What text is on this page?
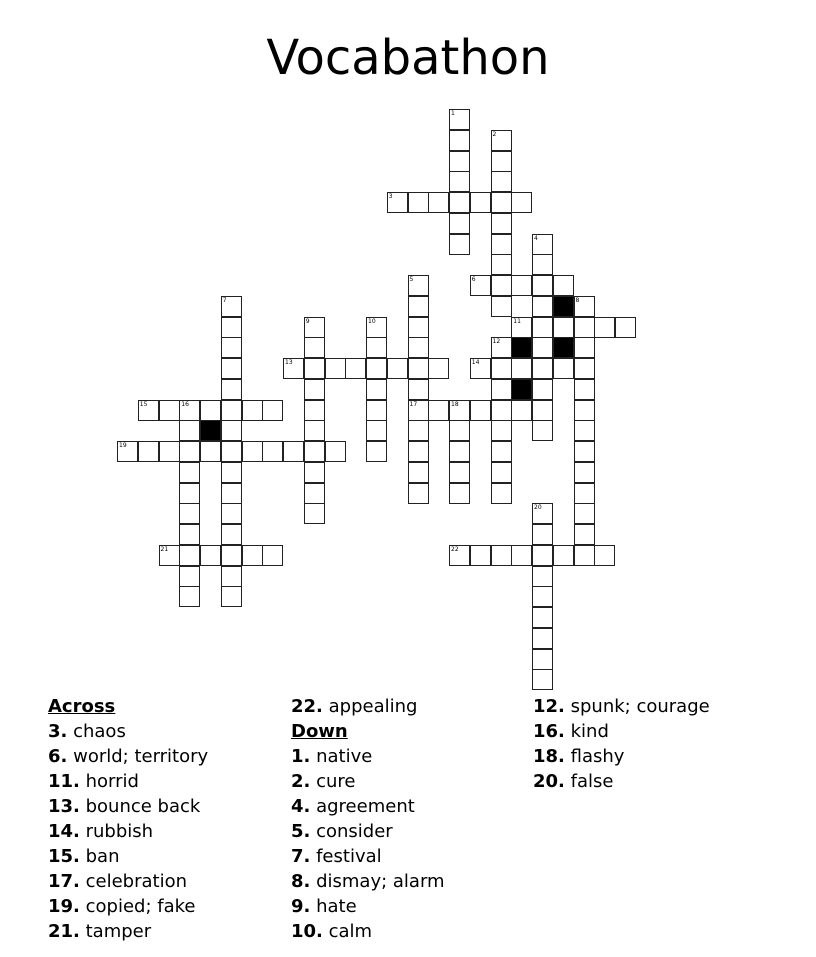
Vocabathon
1
2
4
5
17
7	8
9	10
12
16	18
20
3
6
11
13	14
15
19
21	22
Across
3. chaos
6. world; territory
11. horrid
13. bounce back
14. rubbish
15. ban
17. celebration
19. copied; fake
21. tamper
22. appealing
Down
1. native
2. cure
4. agreement
5. consider
7. festival
8. dismay; alarm
9. hate
10. calm
12. spunk; courage
16. kind
18. flashy
20. false
